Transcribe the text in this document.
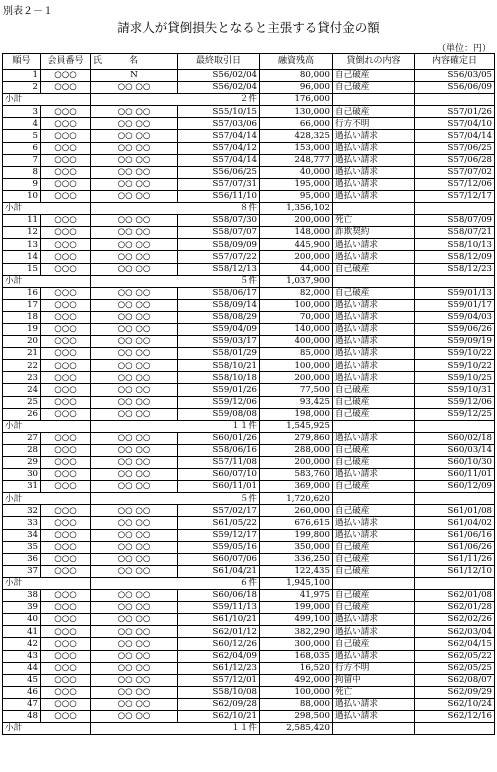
別表２－１
請求人が貸倒損失となると主張する貸付金の額
（単位：円）
順号	会員番号	氏　　　名	最終取引日	融資残高	貸倒れの内容	内容確定日
1	○○○	N	S56/02/04	80,000	自己破産	S56/03/05
2	○○○	○○ ○○	S56/02/04	96,000	自己破産	S56/06/09
小計		２件		176,000		
3	○○○	○○ ○○	S55/10/15	130,000	自己破産	S57/01/26
4	○○○	○○ ○○	S57/03/06	66,000	行方不明	S57/04/10
5	○○○	○○ ○○	S57/04/14	428,325	過払い請求	S57/04/14
6	○○○	○○ ○○	S57/04/12	153,000	過払い請求	S57/06/25
7	○○○	○○ ○○	S57/04/14	248,777	過払い請求	S57/06/28
8	○○○	○○ ○○	S56/06/25	40,000	過払い請求	S57/07/02
9	○○○	○○ ○○	S57/07/31	195,000	過払い請求	S57/12/06
10	○○○	○○ ○○	S56/11/10	95,000	過払い請求	S57/12/17
小計		８件		1,356,102		
11	○○○	○○ ○○	S58/07/30	200,000	死亡	S58/07/09
12	○○○	○○ ○○	S58/07/07	148,000	詐欺契約	S58/07/21
13	○○○	○○ ○○	S58/09/09	445,900	過払い請求	S58/10/13
14	○○○	○○ ○○	S57/07/22	200,000	過払い請求	S58/12/09
15	○○○	○○ ○○	S58/12/13	44,000	自己破産	S58/12/23
小計		５件		1,037,900		
16	○○○	○○ ○○	S58/06/17	82,000	自己破産	S59/01/13
17	○○○	○○ ○○	S58/09/14	100,000	過払い請求	S59/01/17
18	○○○	○○ ○○	S58/08/29	70,000	過払い請求	S59/04/03
19	○○○	○○ ○○	S59/04/09	140,000	過払い請求	S59/06/26
20	○○○	○○ ○○	S59/03/17	400,000	過払い請求	S59/09/19
21	○○○	○○ ○○	S58/01/29	85,000	過払い請求	S59/10/22
22	○○○	○○ ○○	S58/10/21	100,000	過払い請求	S59/10/22
23	○○○	○○ ○○	S58/10/18	200,000	過払い請求	S59/10/25
24	○○○	○○ ○○	S59/01/26	77,500	自己破産	S59/10/31
25	○○○	○○ ○○	S59/12/06	93,425	自己破産	S59/12/06
26	○○○	○○ ○○	S59/08/08	198,000	自己破産	S59/12/25
小計		１１件		1,545,925		
27	○○○	○○ ○○	S60/01/26	279,860	過払い請求	S60/02/18
28	○○○	○○ ○○	S58/06/16	288,000	自己破産	S60/03/14
29	○○○	○○ ○○	S57/11/08	200,000	自己破産	S60/10/30
30	○○○	○○ ○○	S60/07/10	583,760	過払い請求	S60/11/01
31	○○○	○○ ○○	S60/11/01	369,000	自己破産	S60/12/09
小計		５件		1,720,620		
32	○○○	○○ ○○	S57/02/17	260,000	自己破産	S61/01/08
33	○○○	○○ ○○	S61/05/22	676,615	過払い請求	S61/04/02
34	○○○	○○ ○○	S59/12/17	199,800	過払い請求	S61/06/16
35	○○○	○○ ○○	S59/05/16	350,000	自己破産	S61/06/26
36	○○○	○○ ○○	S60/07/06	336,250	自己破産	S61/11/26
37	○○○	○○ ○○	S61/04/21	122,435	自己破産	S61/12/10
小計		６件		1,945,100		
38	○○○	○○ ○○	S60/06/18	41,975	自己破産	S62/01/08
39	○○○	○○ ○○	S59/11/13	199,000	自己破産	S62/01/28
40	○○○	○○ ○○	S61/10/21	499,100	過払い請求	S62/02/26
41	○○○	○○ ○○	S62/01/12	382,290	過払い請求	S62/03/04
42	○○○	○○ ○○	S60/12/26	300,000	自己破産	S62/04/15
43	○○○	○○ ○○	S62/04/09	168,035	過払い請求	S62/05/22
44	○○○	○○ ○○	S61/12/23	16,520	行方不明	S62/05/25
45	○○○	○○ ○○	S57/12/01	492,000	拘留中	S62/08/07
46	○○○	○○ ○○	S58/10/08	100,000	死亡	S62/09/29
47	○○○	○○ ○○	S62/09/28	88,000	過払い請求	S62/10/24
48	○○○	○○ ○○	S62/10/21	298,500	過払い請求	S62/12/16
小計		１１件		2,585,420		
